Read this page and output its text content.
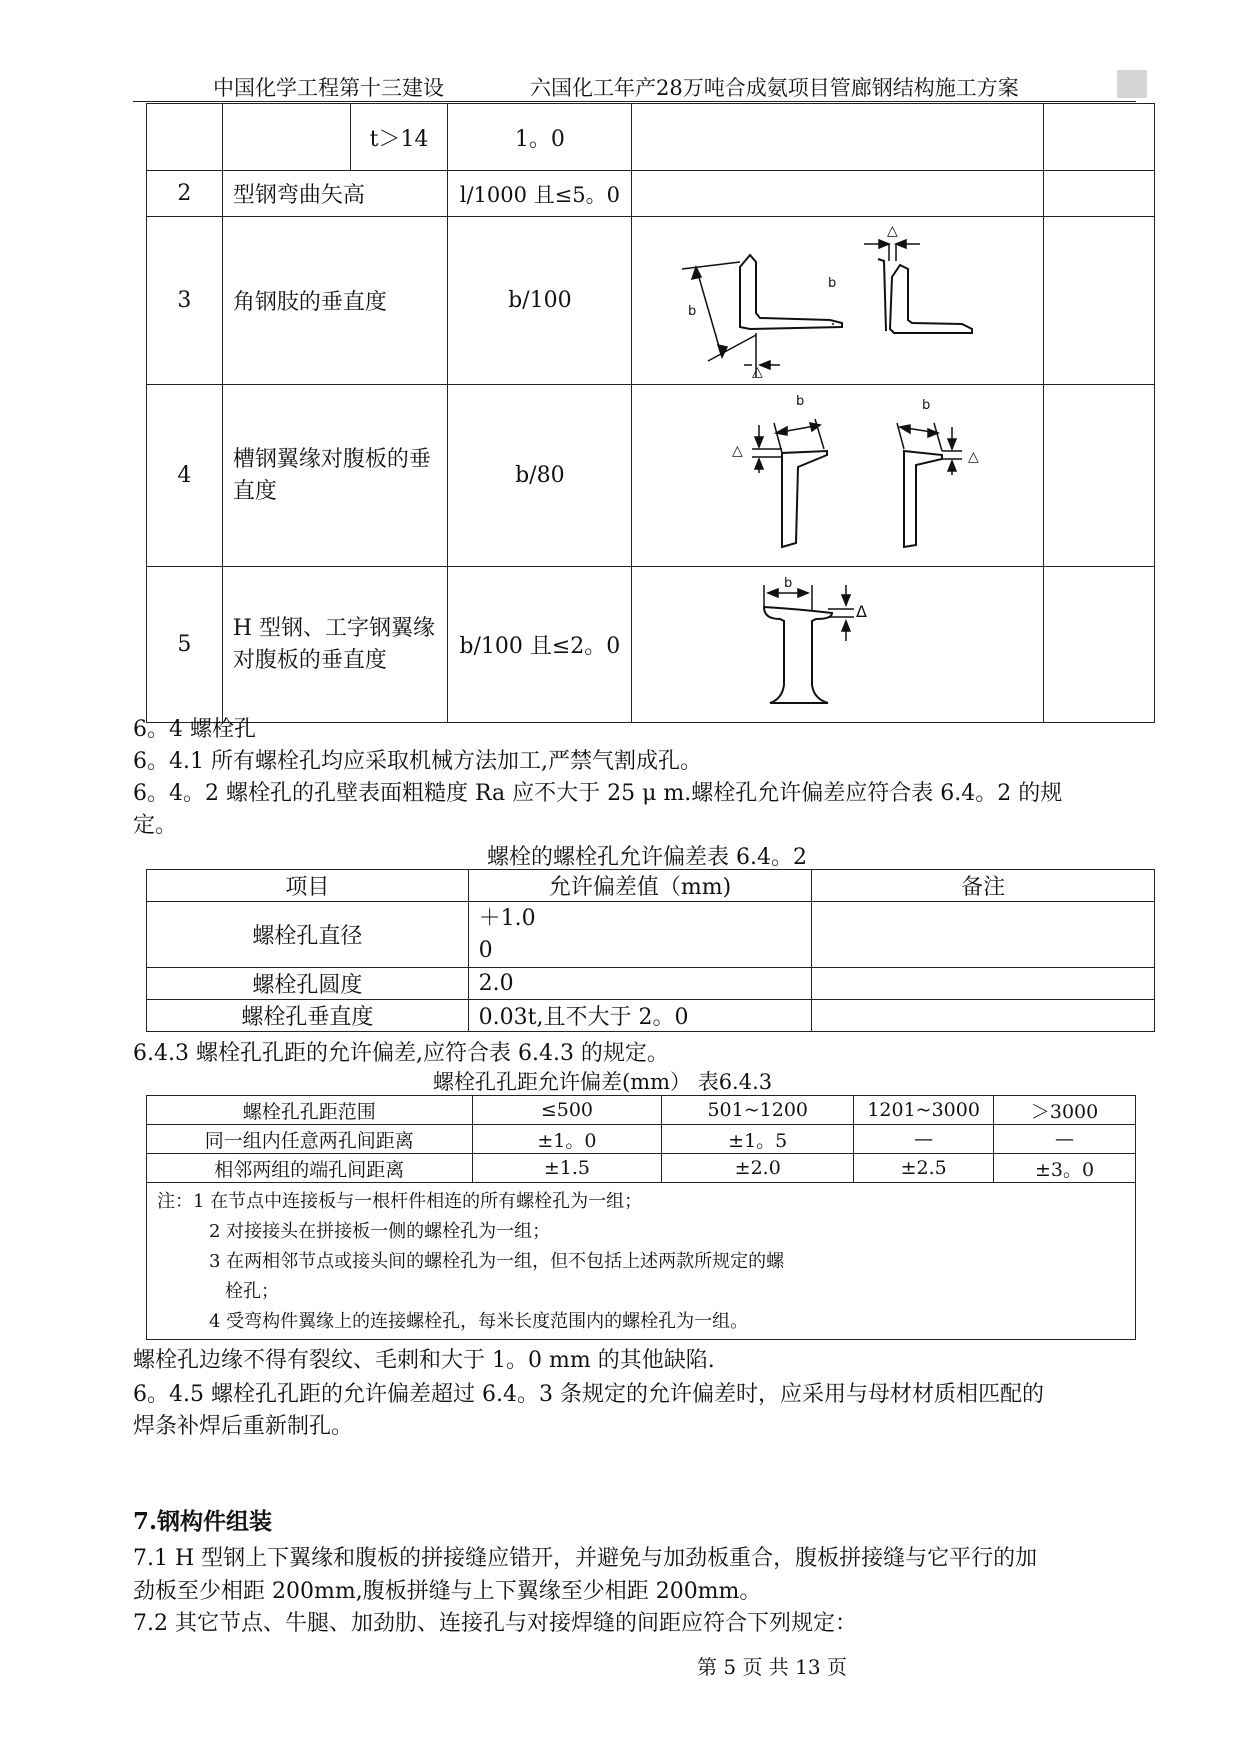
中国化学工程第十三建设	六国化工年产28万吨合成氨项目管廊钢结构施工方案
		t＞14	1。0		
2	型钢弯曲矢高		l/1000 且≤5。0		
3	角钢肢的垂直度		b/100	b
b
△
△	

4	槽钢翼缘对腹板的垂直度		b/80	b b
△ △	

5	H 型钢、工字钢翼缘对腹板的垂直度		b/100 且≤2。0	b
Δ	

6。4 螺栓孔
6。4.1 所有螺栓孔均应采取机械方法加工,严禁气割成孔。
6。4。2 螺栓孔的孔壁表面粗糙度 Ra 应不大于 25 μ m.螺栓孔允许偏差应符合表 6.4。2 的规
定。
螺栓的螺栓孔允许偏差表 6.4。2
项目	允许偏差值（mm)	备注
螺栓孔直径	＋1.0
0	

螺栓孔圆度	2.0	
螺栓孔垂直度	0.03t,且不大于 2。0	
6.4.3 螺栓孔孔距的允许偏差,应符合表 6.4.3 的规定。
螺栓孔孔距允许偏差(mm） 表6.4.3
螺栓孔孔距范围	≤500	501~1200	1201~3000	＞3000
同一组内任意两孔间距离	±1。0	±1。5	—	—
相邻两组的端孔间距离	±1.5	±2.0	±2.5	±3。0

注：1 在节点中连接板与一根杆件相连的所有螺栓孔为一组；
2 对接接头在拼接板一侧的螺栓孔为一组；
3 在两相邻节点或接头间的螺栓孔为一组，但不包括上述两款所规定的螺
栓孔；
4 受弯构件翼缘上的连接螺栓孔，每米长度范围内的螺栓孔为一组。				
螺栓孔边缘不得有裂纹、毛刺和大于 1。0 mm 的其他缺陷.
6。4.5 螺栓孔孔距的允许偏差超过 6.4。3 条规定的允许偏差时，应采用与母材材质相匹配的
焊条补焊后重新制孔。
7.钢构件组装
7.1 H 型钢上下翼缘和腹板的拼接缝应错开，并避免与加劲板重合，腹板拼接缝与它平行的加
劲板至少相距 200mm,腹板拼缝与上下翼缘至少相距 200mm。
7.2 其它节点、牛腿、加劲肋、连接孔与对接焊缝的间距应符合下列规定：
第 5 页 共 13 页
